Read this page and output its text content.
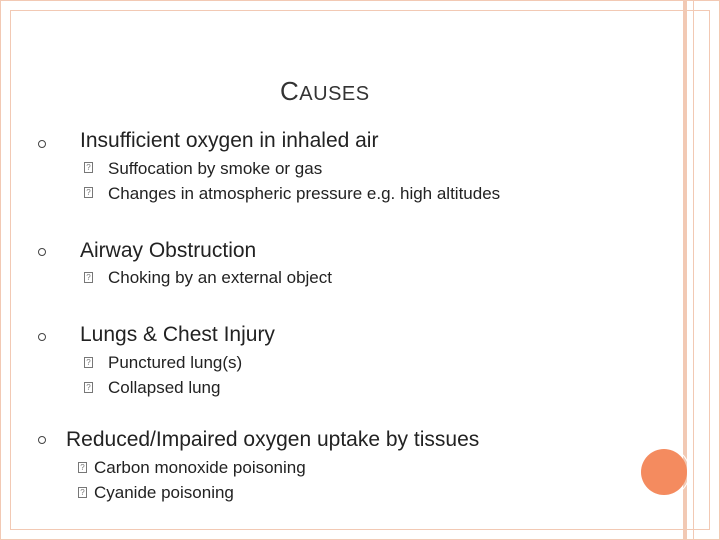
CAUSES
Insufficient oxygen in inhaled air
? Suffocation by smoke or gas
? Changes in atmospheric pressure e.g. high altitudes
Airway Obstruction
? Choking by an external object
Lungs & Chest Injury
? Punctured lung(s)
? Collapsed lung
Reduced/Impaired oxygen uptake by tissues
? Carbon monoxide poisoning
? Cyanide poisoning
